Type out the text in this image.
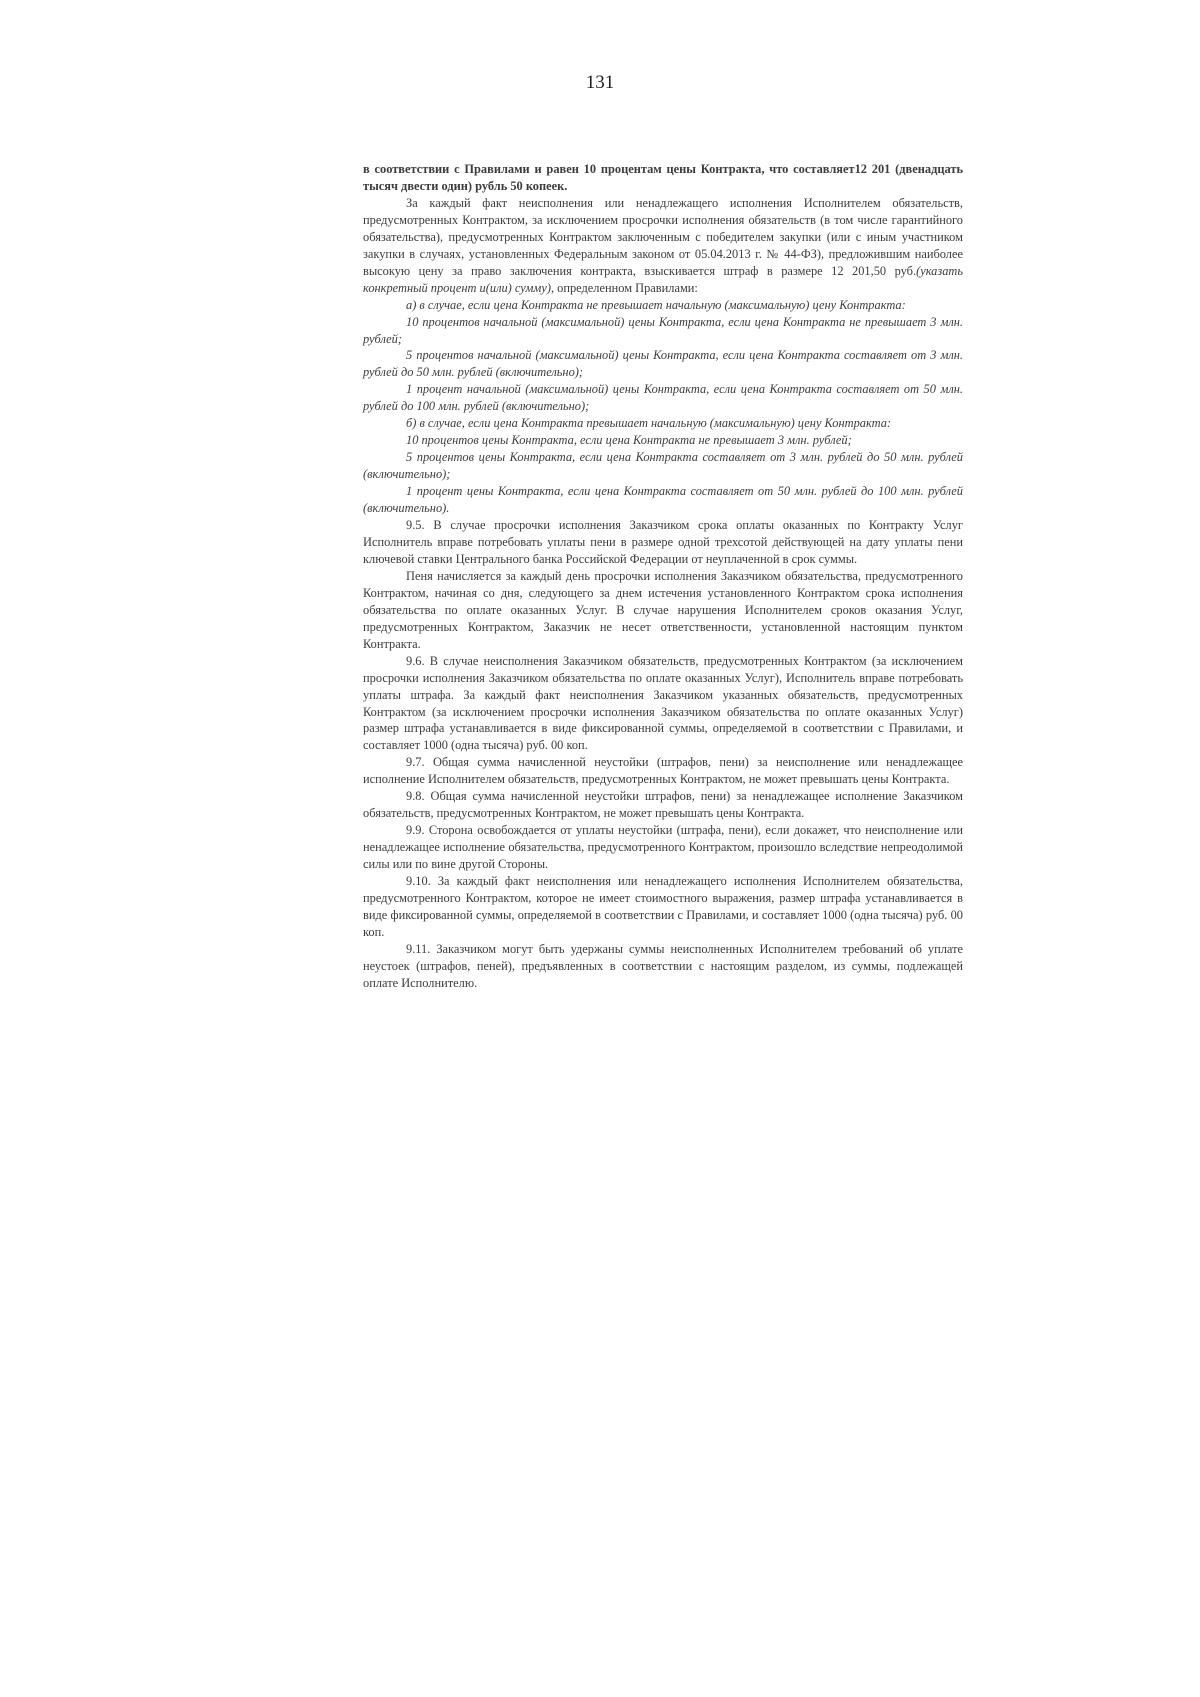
131

в соответствии с Правилами и равен 10 процентам цены Контракта, что составляет12 201 (двенадцать тысяч двести один) рубль 50 копеек.

За каждый факт неисполнения или ненадлежащего исполнения Исполнителем обязательств, предусмотренных Контрактом, за исключением просрочки исполнения обязательств (в том числе гарантийного обязательства), предусмотренных Контрактом заключенным с победителем закупки (или с иным участником закупки в случаях, установленных Федеральным законом от 05.04.2013 г. № 44-ФЗ), предложившим наиболее высокую цену за право заключения контракта, взыскивается штраф в размере 12 201,50 руб.(указать конкретный процент и(или) сумму), определенном Правилами:

а) в случае, если цена Контракта не превышает начальную (максимальную) цену Контракта:

10 процентов начальной (максимальной) цены Контракта, если цена Контракта не превышает 3 млн. рублей;

5 процентов начальной (максимальной) цены Контракта, если цена Контракта составляет от 3 млн. рублей до 50 млн. рублей (включительно);

1 процент начальной (максимальной) цены Контракта, если цена Контракта составляет от 50 млн. рублей до 100 млн. рублей (включительно);

б) в случае, если цена Контракта превышает начальную (максимальную) цену Контракта:

10 процентов цены Контракта, если цена Контракта не превышает 3 млн. рублей;

5 процентов цены Контракта, если цена Контракта составляет от 3 млн. рублей до 50 млн. рублей (включительно);

1 процент цены Контракта, если цена Контракта составляет от 50 млн. рублей до 100 млн. рублей (включительно).

9.5. В случае просрочки исполнения Заказчиком срока оплаты оказанных по Контракту Услуг Исполнитель вправе потребовать уплаты пени в размере одной трехсотой действующей на дату уплаты пени ключевой ставки Центрального банка Российской Федерации от неуплаченной в срок суммы.

Пеня начисляется за каждый день просрочки исполнения Заказчиком обязательства, предусмотренного Контрактом, начиная со дня, следующего за днем истечения установленного Контрактом срока исполнения обязательства по оплате оказанных Услуг. В случае нарушения Исполнителем сроков оказания Услуг, предусмотренных Контрактом, Заказчик не несет ответственности, установленной настоящим пунктом Контракта.

9.6. В случае неисполнения Заказчиком обязательств, предусмотренных Контрактом (за исключением просрочки исполнения Заказчиком обязательства по оплате оказанных Услуг), Исполнитель вправе потребовать уплаты штрафа. За каждый факт неисполнения Заказчиком указанных обязательств, предусмотренных Контрактом (за исключением просрочки исполнения Заказчиком обязательства по оплате оказанных Услуг) размер штрафа устанавливается в виде фиксированной суммы, определяемой в соответствии с Правилами, и составляет 1000 (одна тысяча) руб. 00 коп.

9.7. Общая сумма начисленной неустойки (штрафов, пени) за неисполнение или ненадлежащее исполнение Исполнителем обязательств, предусмотренных Контрактом, не может превышать цены Контракта.

9.8. Общая сумма начисленной неустойки штрафов, пени) за ненадлежащее исполнение Заказчиком обязательств, предусмотренных Контрактом, не может превышать цены Контракта.

9.9. Сторона освобождается от уплаты неустойки (штрафа, пени), если докажет, что неисполнение или ненадлежащее исполнение обязательства, предусмотренного Контрактом, произошло вследствие непреодолимой силы или по вине другой Стороны.

9.10. За каждый факт неисполнения или ненадлежащего исполнения Исполнителем обязательства, предусмотренного Контрактом, которое не имеет стоимостного выражения, размер штрафа устанавливается в виде фиксированной суммы, определяемой в соответствии с Правилами, и составляет 1000 (одна тысяча) руб. 00 коп.

9.11. Заказчиком могут быть удержаны суммы неисполненных Исполнителем требований об уплате неустоек (штрафов, пеней), предъявленных в соответствии с настоящим разделом, из суммы, подлежащей оплате Исполнителю.
